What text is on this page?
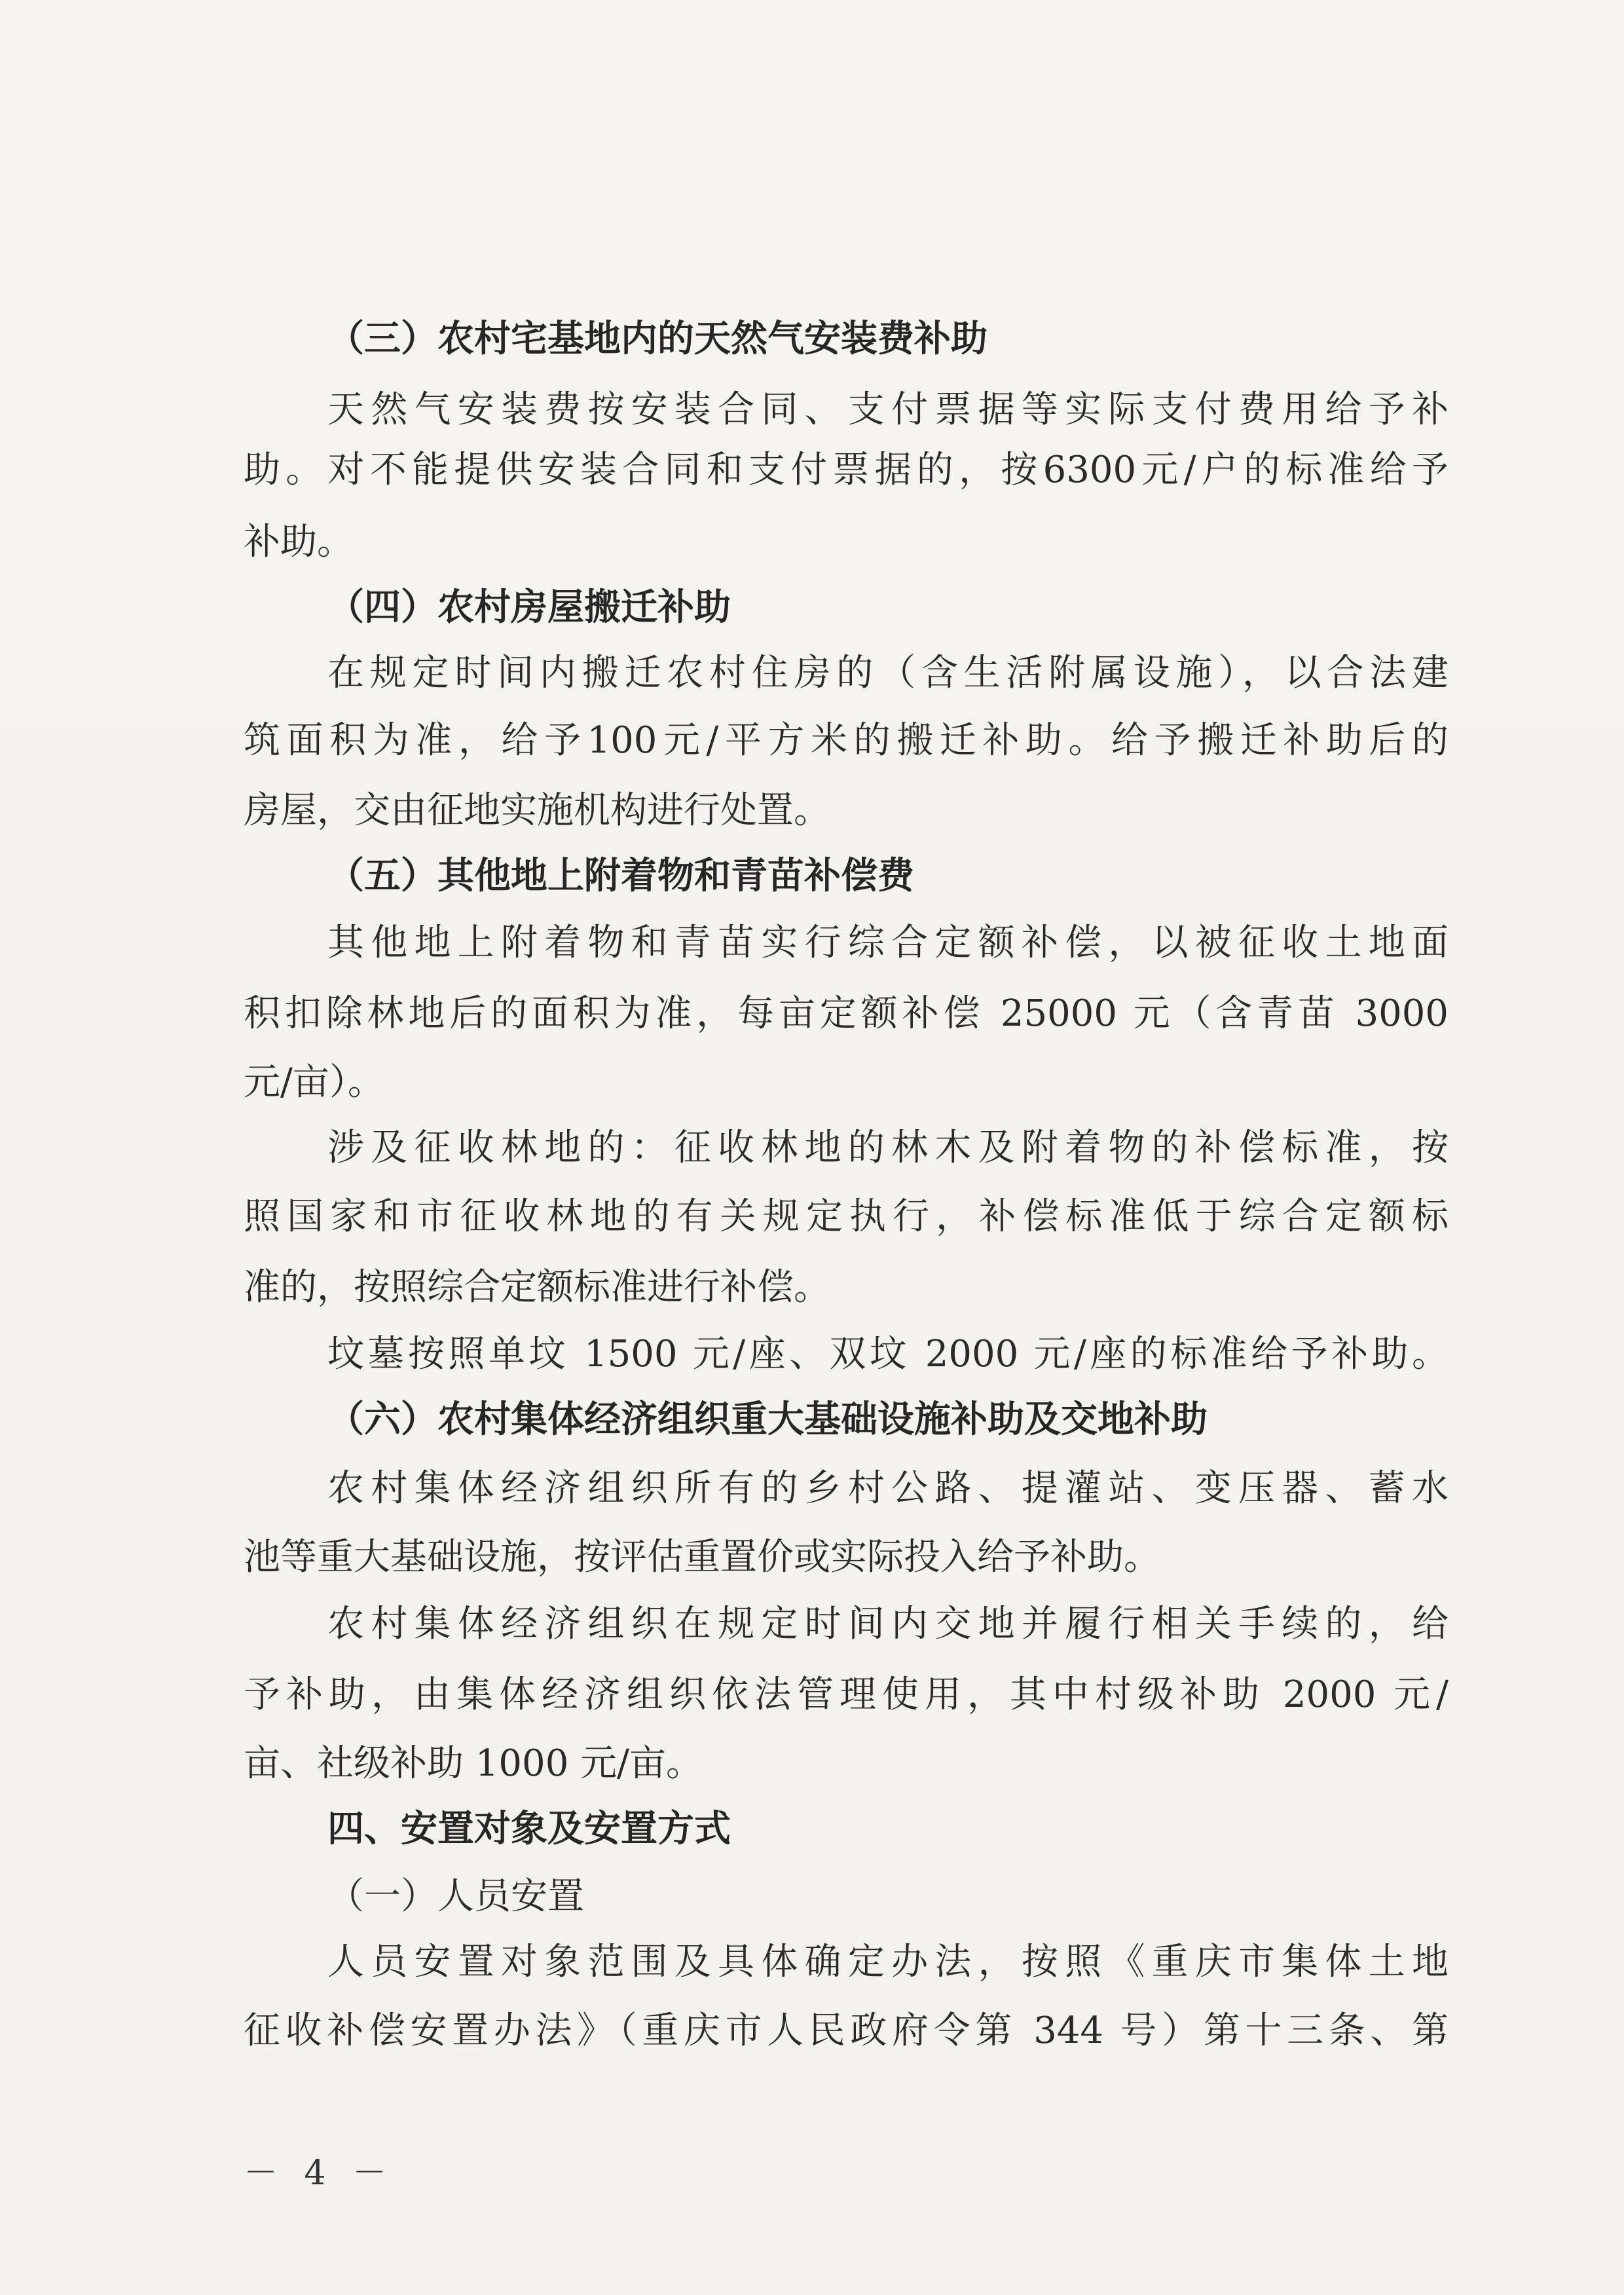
（三）农村宅基地内的天然气安装费补助
天然气安装费按安装合同、支付票据等实际支付费用给予补
助。对不能提供安装合同和支付票据的，按6300元/户的标准给予
补助。
（四）农村房屋搬迁补助
在规定时间内搬迁农村住房的（含生活附属设施），以合法建
筑面积为准，给予100元/平方米的搬迁补助。给予搬迁补助后的
房屋，交由征地实施机构进行处置。
（五）其他地上附着物和青苗补偿费
其他地上附着物和青苗实行综合定额补偿，以被征收土地面
积扣除林地后的面积为准，每亩定额补偿 25000 元（含青苗 3000
元/亩）。
涉及征收林地的：征收林地的林木及附着物的补偿标准，按
照国家和市征收林地的有关规定执行，补偿标准低于综合定额标
准的，按照综合定额标准进行补偿。
坟墓按照单坟 1500 元/座、双坟 2000 元/座的标准给予补助。
（六）农村集体经济组织重大基础设施补助及交地补助
农村集体经济组织所有的乡村公路、提灌站、变压器、蓄水
池等重大基础设施，按评估重置价或实际投入给予补助。
农村集体经济组织在规定时间内交地并履行相关手续的，给
予补助，由集体经济组织依法管理使用，其中村级补助 2000 元/
亩、社级补助 1000 元/亩。
四、安置对象及安置方式
（一）人员安置
人员安置对象范围及具体确定办法，按照《重庆市集体土地
征收补偿安置办法》（重庆市人民政府令第 344 号）第十三条、第
－ 4 －
